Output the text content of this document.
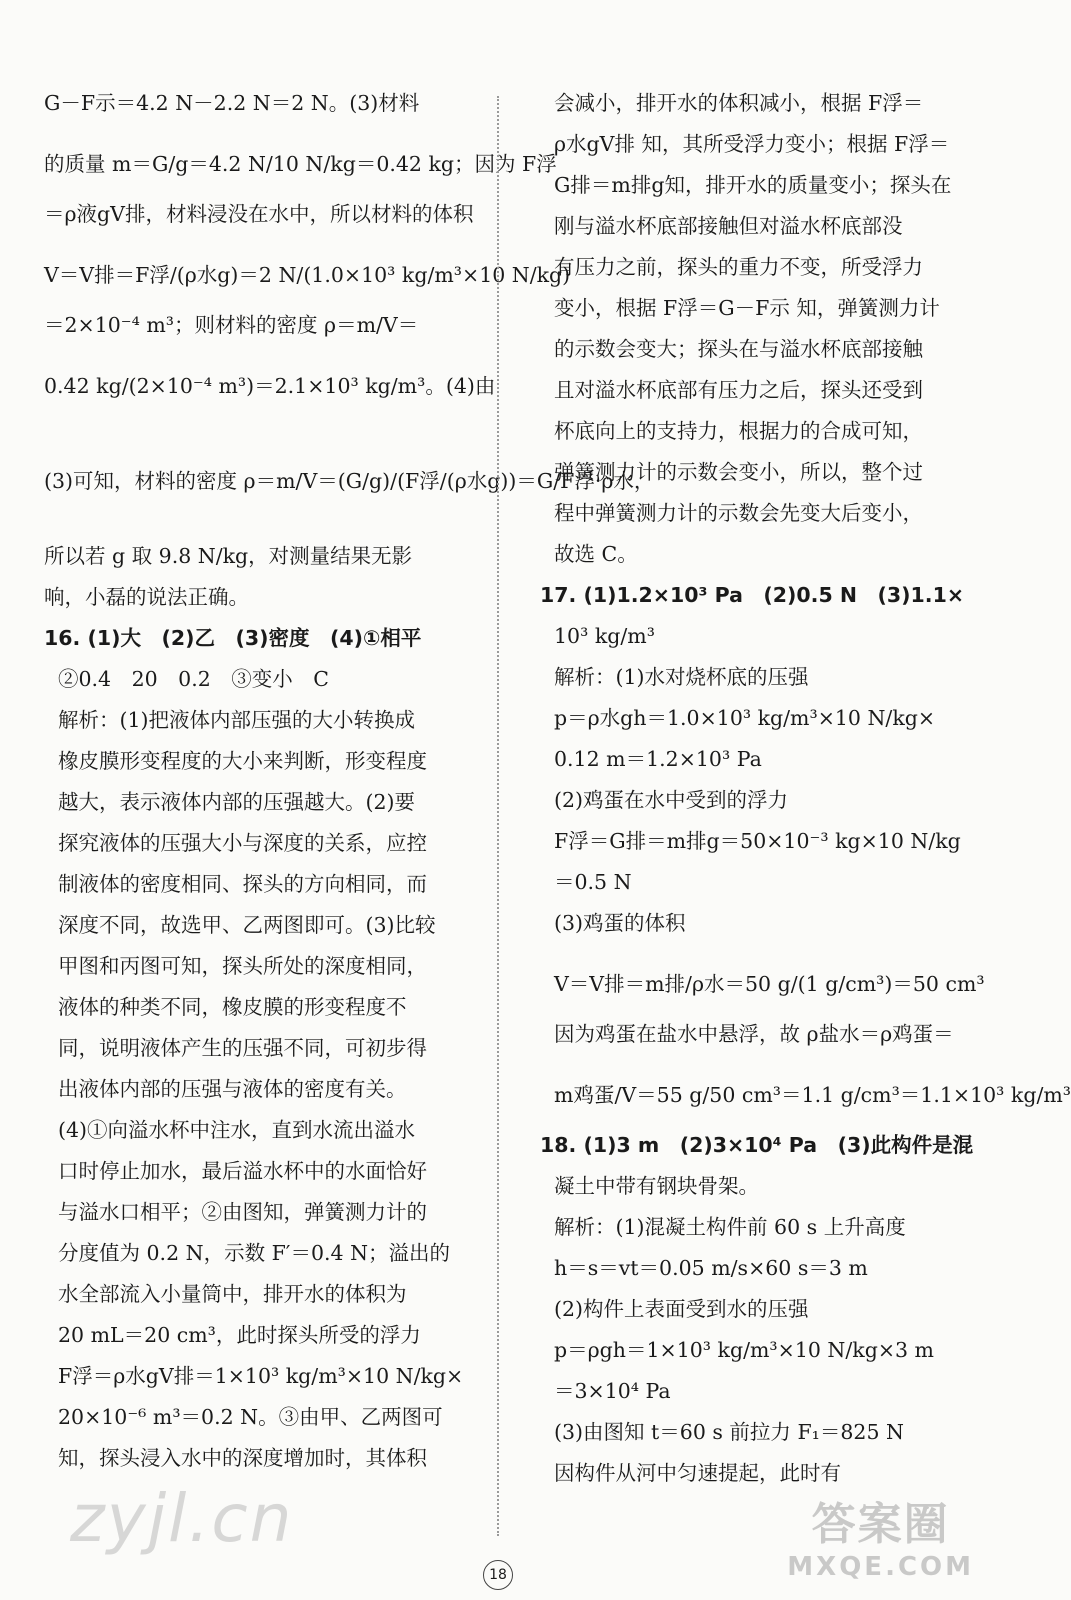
G－F示＝4.2 N－2.2 N＝2 N。(3)材料
的质量 m＝G/g＝4.2 N/10 N/kg＝0.42 kg；因为 F浮
＝ρ液gV排，材料浸没在水中，所以材料的体积
V＝V排＝F浮/(ρ水g)＝2 N/(1.0×10³ kg/m³×10 N/kg)
＝2×10⁻⁴ m³；则材料的密度 ρ＝m/V＝
0.42 kg/(2×10⁻⁴ m³)＝2.1×10³ kg/m³。(4)由
(3)可知，材料的密度 ρ＝m/V＝(G/g)/(F浮/(ρ水g))＝G/F浮·ρ水，
所以若 g 取 9.8 N/kg，对测量结果无影
响，小磊的说法正确。
16. (1)大　(2)乙　(3)密度　(4)①相平
②0.4　20　0.2　③变小　C
解析：(1)把液体内部压强的大小转换成
橡皮膜形变程度的大小来判断，形变程度
越大，表示液体内部的压强越大。(2)要
探究液体的压强大小与深度的关系，应控
制液体的密度相同、探头的方向相同，而
深度不同，故选甲、乙两图即可。(3)比较
甲图和丙图可知，探头所处的深度相同，
液体的种类不同，橡皮膜的形变程度不
同，说明液体产生的压强不同，可初步得
出液体内部的压强与液体的密度有关。
(4)①向溢水杯中注水，直到水流出溢水
口时停止加水，最后溢水杯中的水面恰好
与溢水口相平；②由图知，弹簧测力计的
分度值为 0.2 N，示数 F′＝0.4 N；溢出的
水全部流入小量筒中，排开水的体积为
20 mL＝20 cm³，此时探头所受的浮力
F浮＝ρ水gV排＝1×10³ kg/m³×10 N/kg×
20×10⁻⁶ m³＝0.2 N。③由甲、乙两图可
知，探头浸入水中的深度增加时，其体积
会减小，排开水的体积减小，根据 F浮＝
ρ水gV排 知，其所受浮力变小；根据 F浮＝
G排＝m排g知，排开水的质量变小；探头在
刚与溢水杯底部接触但对溢水杯底部没
有压力之前，探头的重力不变，所受浮力
变小，根据 F浮＝G－F示 知，弹簧测力计
的示数会变大；探头在与溢水杯底部接触
且对溢水杯底部有压力之后，探头还受到
杯底向上的支持力，根据力的合成可知，
弹簧测力计的示数会变小，所以，整个过
程中弹簧测力计的示数会先变大后变小，
故选 C。
17. (1)1.2×10³ Pa　(2)0.5 N　(3)1.1×
10³ kg/m³
解析：(1)水对烧杯底的压强
p＝ρ水gh＝1.0×10³ kg/m³×10 N/kg×
0.12 m＝1.2×10³ Pa
(2)鸡蛋在水中受到的浮力
F浮＝G排＝m排g＝50×10⁻³ kg×10 N/kg
＝0.5 N
(3)鸡蛋的体积
V＝V排＝m排/ρ水＝50 g/(1 g/cm³)＝50 cm³
因为鸡蛋在盐水中悬浮，故 ρ盐水＝ρ鸡蛋＝
m鸡蛋/V＝55 g/50 cm³＝1.1 g/cm³＝1.1×10³ kg/m³
18. (1)3 m　(2)3×10⁴ Pa　(3)此构件是混
凝土中带有钢块骨架。
解析：(1)混凝土构件前 60 s 上升高度
h＝s＝vt＝0.05 m/s×60 s＝3 m
(2)构件上表面受到水的压强
p＝ρgh＝1×10³ kg/m³×10 N/kg×3 m
＝3×10⁴ Pa
(3)由图知 t＝60 s 前拉力 F₁＝825 N
因构件从河中匀速提起，此时有
zyjl.cn	答案圈
MXQE.COM
18
